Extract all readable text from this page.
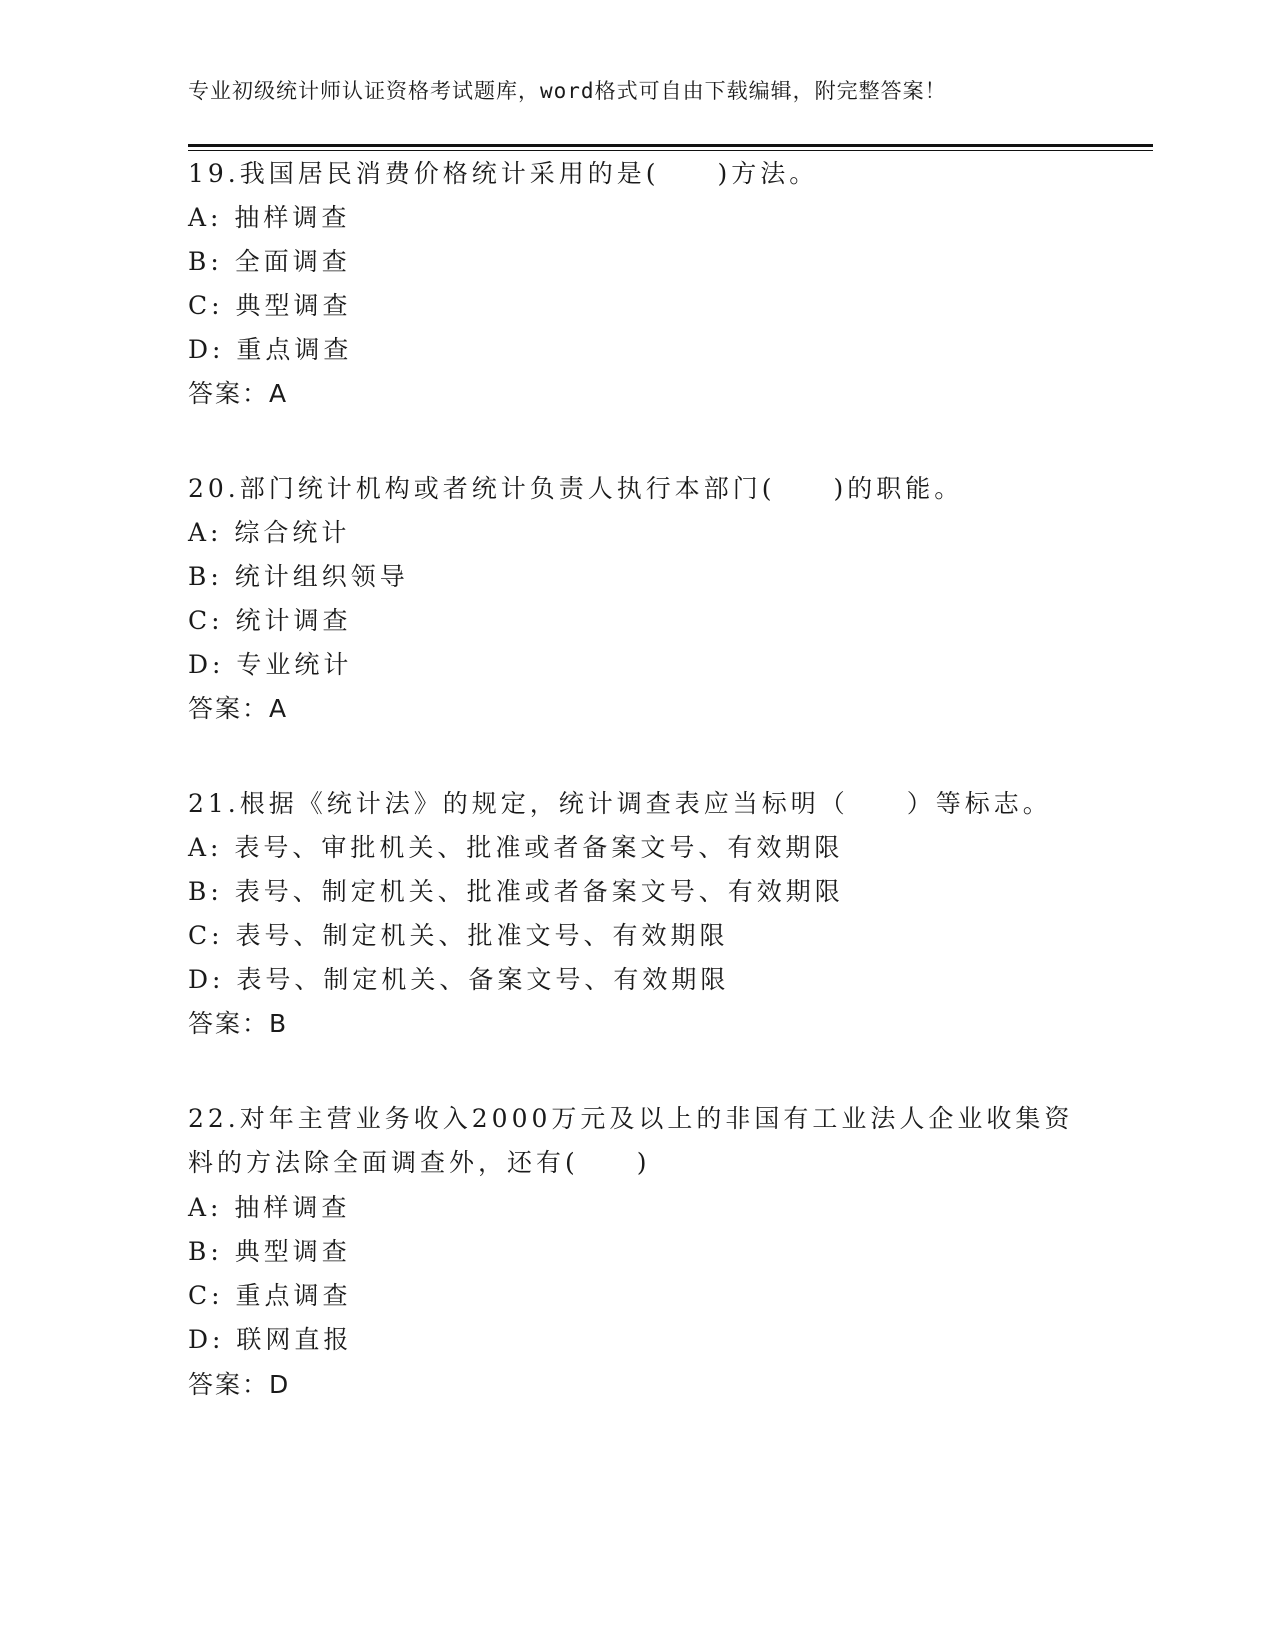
专业初级统计师认证资格考试题库，word格式可自由下载编辑，附完整答案！
19.我国居民消费价格统计采用的是(　　)方法。
A: 抽样调查
B: 全面调查
C: 典型调查
D: 重点调查
答案：A
20.部门统计机构或者统计负责人执行本部门(　　)的职能。
A: 综合统计
B: 统计组织领导
C: 统计调查
D: 专业统计
答案：A
21.根据《统计法》的规定，统计调查表应当标明（　　）等标志。
A: 表号、审批机关、批准或者备案文号、有效期限
B: 表号、制定机关、批准或者备案文号、有效期限
C: 表号、制定机关、批准文号、有效期限
D: 表号、制定机关、备案文号、有效期限
答案：B
22.对年主营业务收入2000万元及以上的非国有工业法人企业收集资
料的方法除全面调查外，还有(　　)
A: 抽样调查
B: 典型调查
C: 重点调查
D: 联网直报
答案：D
